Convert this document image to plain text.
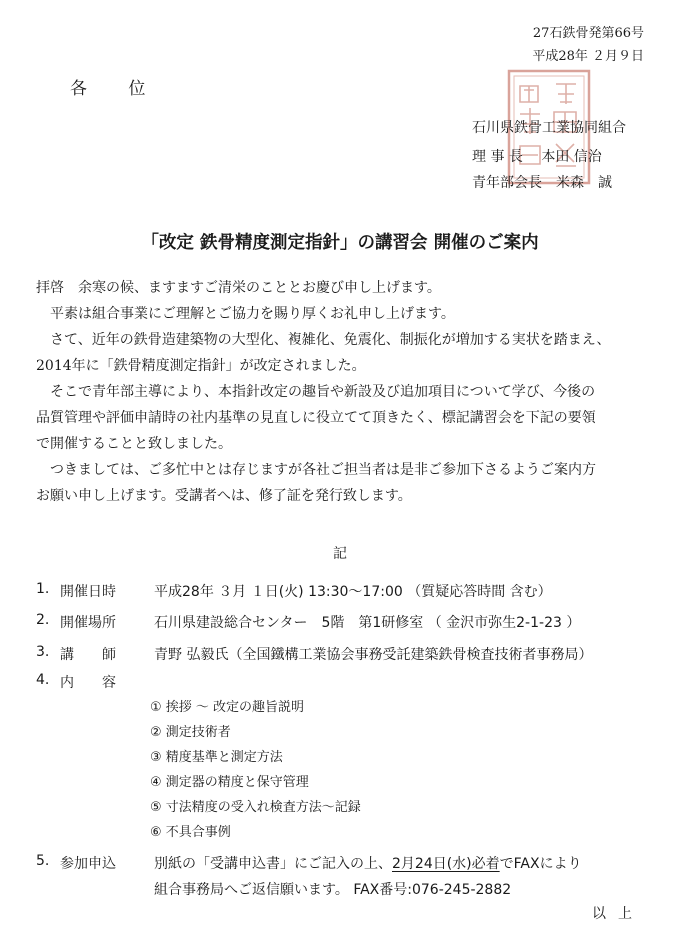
27石鉄骨発第66号
平成28年 ２月９日
各 位
石川県鉄骨工業協同組合
理 事 長　 本田 信治
青年部会長　米森　誠
「改定 鉄骨精度測定指針」の講習会 開催のご案内
拝啓　余寒の候、ますますご清栄のこととお慶び申し上げます。
　平素は組合事業にご理解とご協力を賜り厚くお礼申し上げます。
　さて、近年の鉄骨造建築物の大型化、複雑化、免震化、制振化が増加する実状を踏まえ、
2014年に「鉄骨精度測定指針」が改定されました。
　そこで青年部主導により、本指針改定の趣旨や新設及び追加項目について学び、今後の
品質管理や評価申請時の社内基準の見直しに役立てて頂きたく、標記講習会を下記の要領
で開催することと致しました。
　つきましては、ご多忙中とは存じますが各社ご担当者は是非ご参加下さるようご案内方
お願い申し上げます。受講者へは、修了証を発行致します。
記
1. 開催日時	平成28年 ３月 １日(火) 13:30～17:00 （質疑応答時間 含む）
2. 開催場所	石川県建設総合センター　5階　第1研修室 （ 金沢市弥生2-1-23 ）
3. 講　　師	青野 弘毅氏（全国鐵構工業協会事務受託建築鉄骨検査技術者事務局）
4. 内　　容
① 挨拶 ～ 改定の趣旨説明
② 測定技術者
③ 精度基準と測定方法
④ 測定器の精度と保守管理
⑤ 寸法精度の受入れ検査方法～記録
⑥ 不具合事例
5. 参加申込	別紙の「受講申込書」にご記入の上、2月24日(水)必着でFAXにより
組合事務局へご返信願います。 FAX番号:076-245-2882
以上
